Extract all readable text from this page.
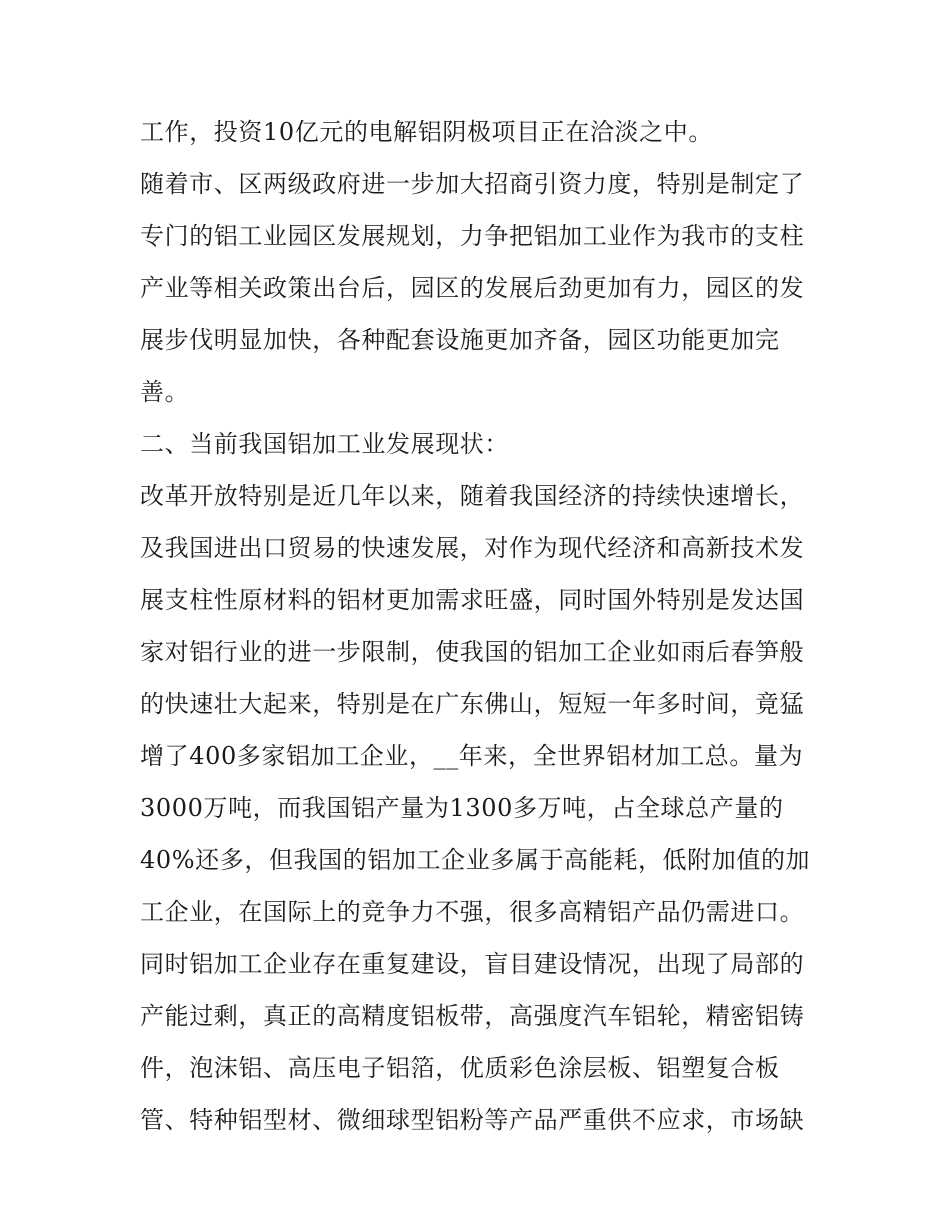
工作，投资10亿元的电解铝阴极项目正在洽淡之中。
随着市、区两级政府进一步加大招商引资力度，特别是制定了
专门的铝工业园区发展规划，力争把铝加工业作为我市的支柱
产业等相关政策出台后，园区的发展后劲更加有力，园区的发
展步伐明显加快，各种配套设施更加齐备，园区功能更加完
善。
二、当前我国铝加工业发展现状：
改革开放特别是近几年以来，随着我国经济的持续快速增长，
及我国进出口贸易的快速发展，对作为现代经济和高新技术发
展支柱性原材料的铝材更加需求旺盛，同时国外特别是发达国
家对铝行业的进一步限制，使我国的铝加工企业如雨后春笋般
的快速壮大起来，特别是在广东佛山，短短一年多时间，竟猛
增了400多家铝加工企业，__年来，全世界铝材加工总。量为
3000万吨，而我国铝产量为1300多万吨，占全球总产量的
40%还多，但我国的铝加工企业多属于高能耗，低附加值的加
工企业，在国际上的竞争力不强，很多高精铝产品仍需进口。
同时铝加工企业存在重复建设，盲目建设情况，出现了局部的
产能过剩，真正的高精度铝板带，高强度汽车铝轮，精密铝铸
件，泡沫铝、高压电子铝箔，优质彩色涂层板、铝塑复合板
管、特种铝型材、微细球型铝粉等产品严重供不应求，市场缺
